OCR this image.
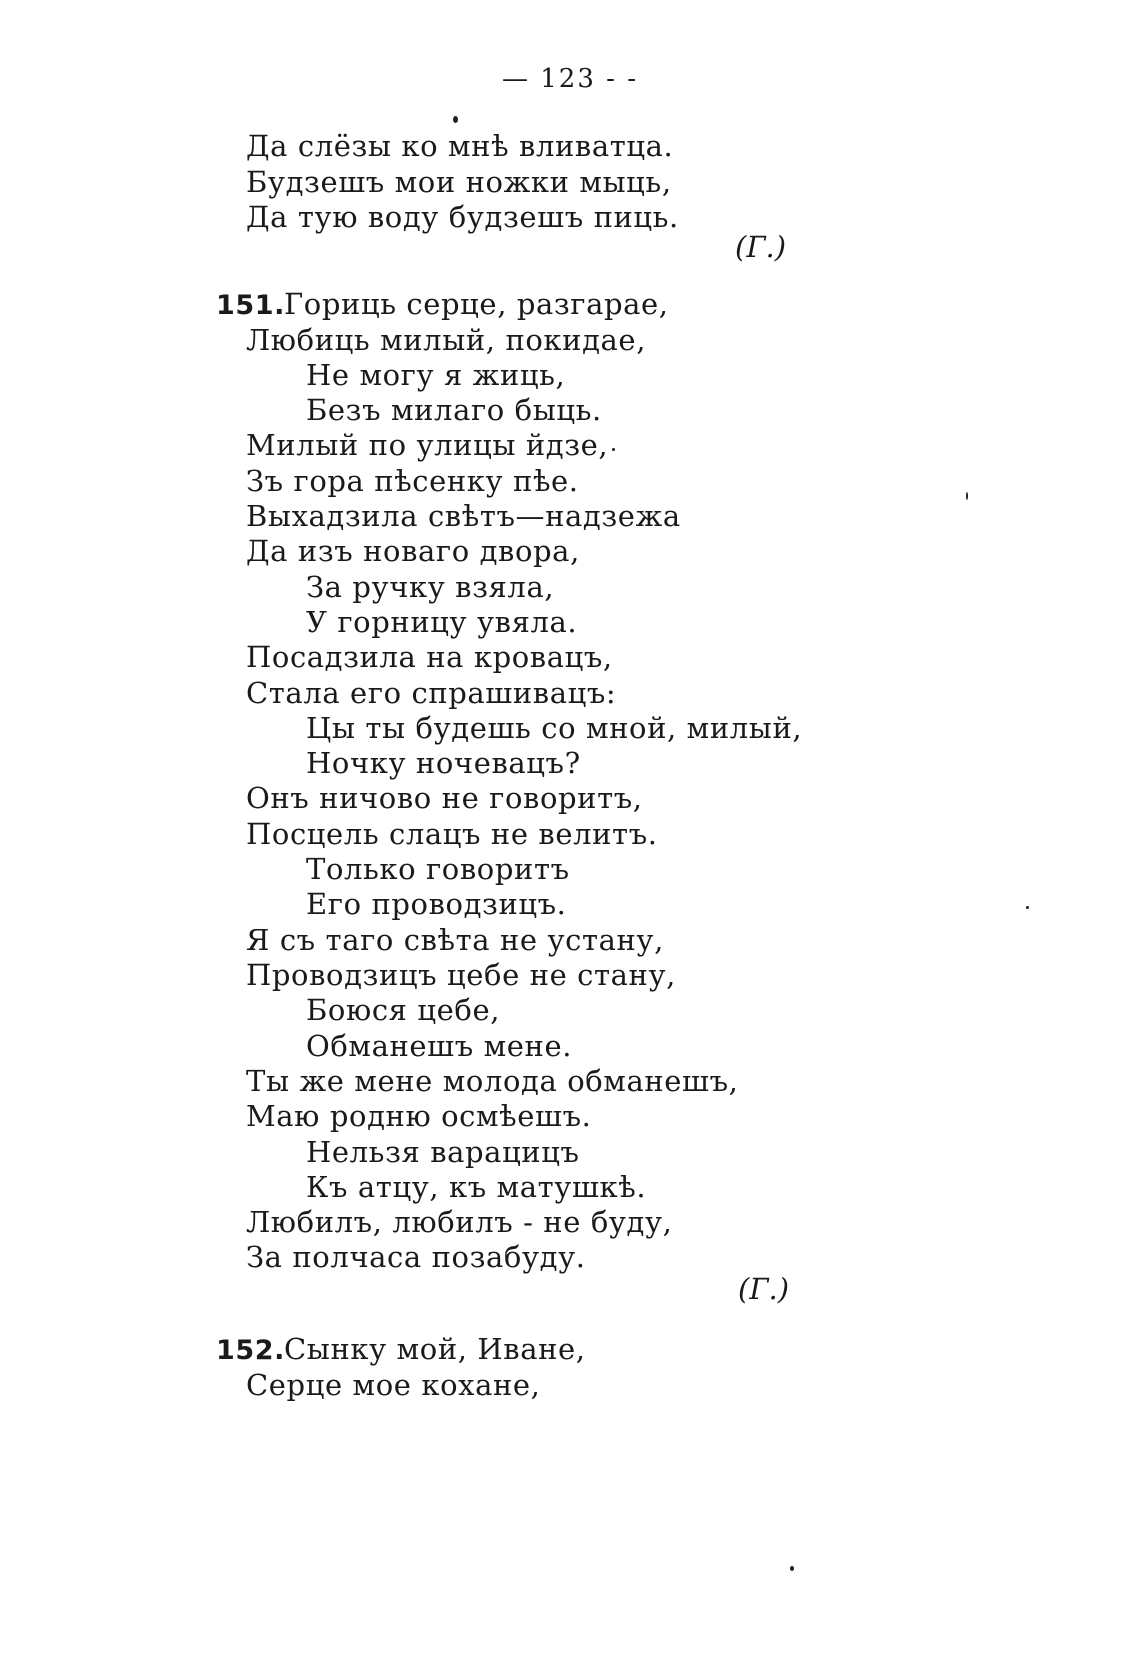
— 123 - -
Да слёзы ко мнѣ вливатца.
Будзешъ мои ножки мыць,
Да тую воду будзешъ пиць.
(Г.)
151.
Гориць серце, разгарае,
Любиць милый, покидае,
Не могу я жиць,
Безъ милаго быць.
Милый по улицы йдзе,
Зъ гора пѣсенку пѣе.
Выхадзила свѣтъ—надзежа
Да изъ новаго двора,
За ручку взяла,
У горницу увяла.
Посадзила на кровацъ,
Стала его спрашивацъ:
Цы ты будешь со мной, милый,
Ночку ночевацъ?
Онъ ничово не говоритъ,
Посцель слацъ не велитъ.
Только говоритъ
Его проводзицъ.
Я съ таго свѣта не устану,
Проводзицъ цебе не стану,
Боюся цебе,
Обманешъ мене.
Ты же мене молода обманешъ,
Маю родню осмѣешъ.
Нельзя варацицъ
Къ атцу, къ матушкѣ.
Любилъ, любилъ - не буду,
За полчаса позабуду.
(Г.)
152.
Сынку мой, Иване,
Серце мое кохане,
